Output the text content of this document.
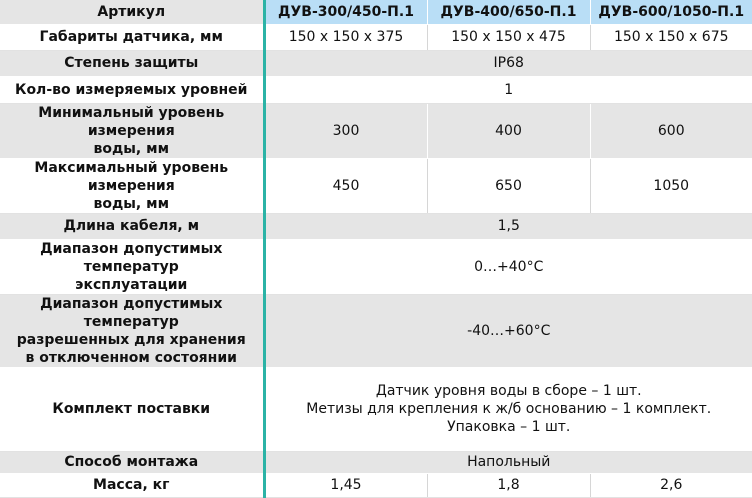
Артикул	ДУВ-300/450-П.1	ДУВ-400/650-П.1	ДУВ-600/1050-П.1
Габариты датчика, мм	150 x 150 x 375	150 x 150 x 475	150 x 150 x 675
Степень защиты	IP68		
Кол-во измеряемых уровней	1		

Минимальный уровень измерения
воды, мм	300	400	600

Максимальный уровень измерения
воды, мм	450	650	1050
Длина кабеля, м	1,5		

Диапазон допустимых температур
эксплуатации	0…+40°C		

Диапазон допустимых температур
разрешенных для хранения
в отключенном состоянии	-40…+60°C		
Комплект поставки	Датчик уровня воды в сборе – 1 шт.
Метизы для крепления к ж/б основанию – 1 комплект.
Упаковка – 1 шт.		

Способ монтажа	Напольный		
Масса, кг	1,45	1,8	2,6
